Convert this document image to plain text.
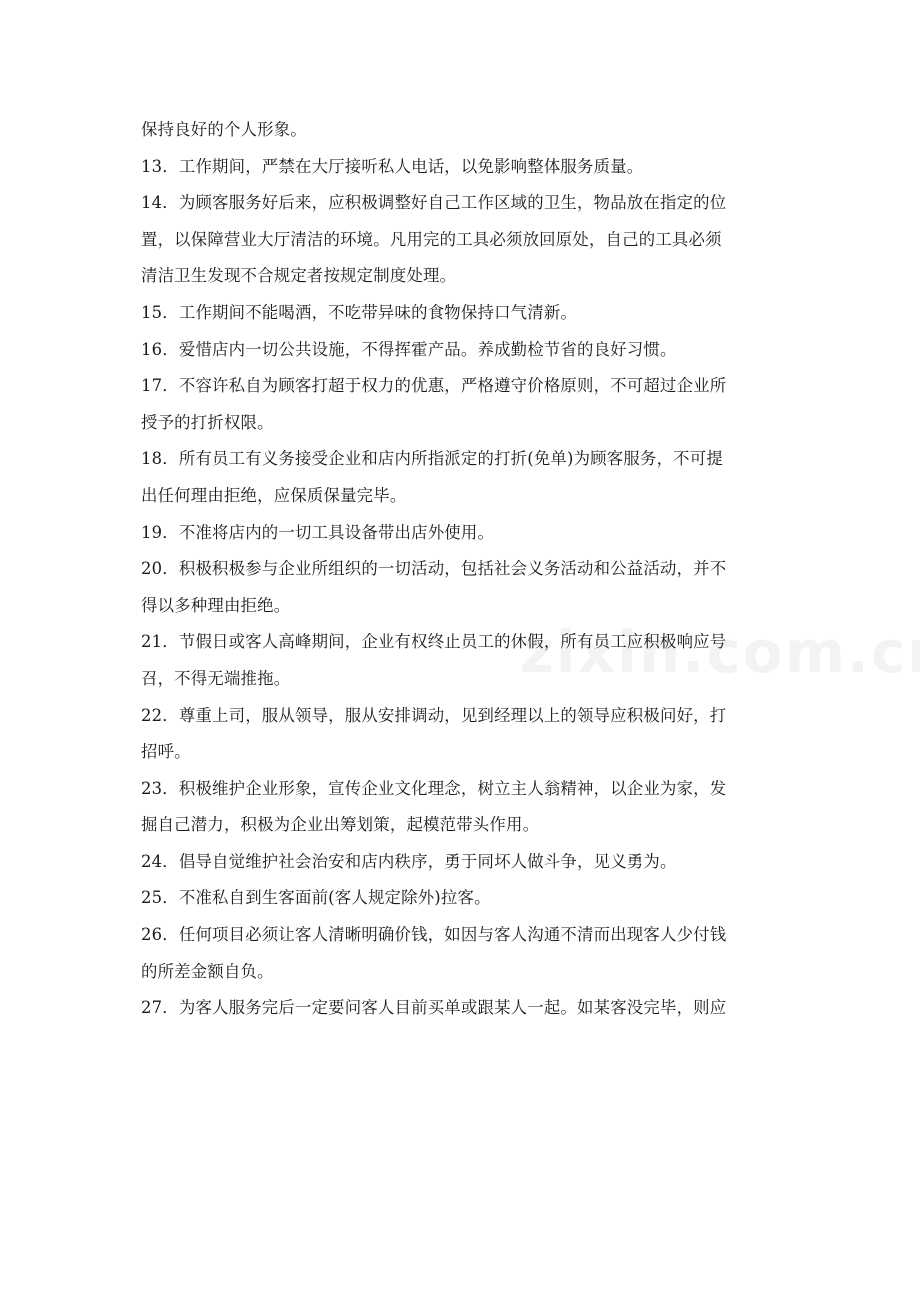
保持良好的个人形象。
13．工作期间，严禁在大厅接听私人电话，以免影响整体服务质量。
14．为顾客服务好后来，应积极调整好自己工作区域的卫生，物品放在指定的位
置，以保障营业大厅清洁的环境。凡用完的工具必须放回原处，自己的工具必须
清洁卫生发现不合规定者按规定制度处理。
15．工作期间不能喝酒，不吃带异味的食物保持口气清新。
16．爱惜店内一切公共设施，不得挥霍产品。养成勤检节省的良好习惯。
17．不容许私自为顾客打超于权力的优惠，严格遵守价格原则，不可超过企业所
授予的打折权限。
18．所有员工有义务接受企业和店内所指派定的打折(免单)为顾客服务，不可提
出任何理由拒绝，应保质保量完毕。
19．不准将店内的一切工具设备带出店外使用。
20．积极积极参与企业所组织的一切活动，包括社会义务活动和公益活动，并不
得以多种理由拒绝。
21．节假日或客人高峰期间，企业有权终止员工的休假，所有员工应积极响应号
召，不得无端推拖。
22．尊重上司，服从领导，服从安排调动，见到经理以上的领导应积极问好，打
招呼。
23．积极维护企业形象，宣传企业文化理念，树立主人翁精神，以企业为家，发
掘自己潜力，积极为企业出筹划策，起模范带头作用。
24．倡导自觉维护社会治安和店内秩序，勇于同坏人做斗争，见义勇为。
25．不准私自到生客面前(客人规定除外)拉客。
26．任何项目必须让客人清晰明确价钱，如因与客人沟通不清而出现客人少付钱
的所差金额自负。
27．为客人服务完后一定要问客人目前买单或跟某人一起。如某客没完毕，则应
